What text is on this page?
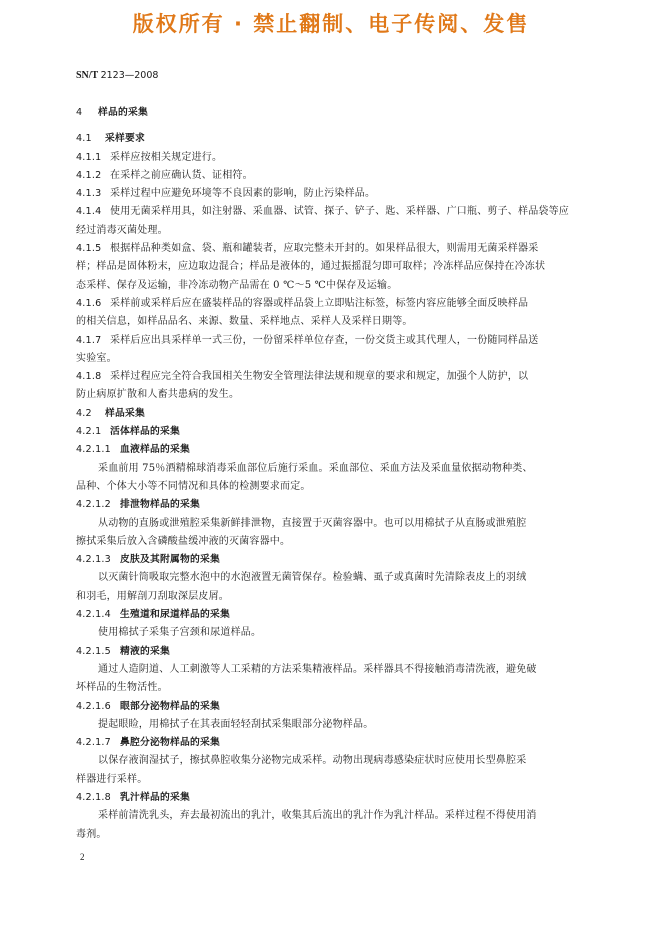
版权所有 · 禁止翻制、电子传阅、发售
SN/T 2123—2008
4 样品的采集
4.1 采样要求
4.1.1 采样应按相关规定进行。
4.1.2 在采样之前应确认货、证相符。
4.1.3 采样过程中应避免环境等不良因素的影响，防止污染样品。
4.1.4 使用无菌采样用具，如注射器、采血器、试管、探子、铲子、匙、采样器、广口瓶、剪子、样品袋等应
经过消毒灭菌处理。
4.1.5 根据样品种类如盒、袋、瓶和罐装者，应取完整未开封的。如果样品很大，则需用无菌采样器采
样；样品是固体粉末，应边取边混合；样品是液体的，通过振摇混匀即可取样；冷冻样品应保持在冷冻状
态采样、保存及运输，非冷冻动物产品需在 0 ℃～5 ℃中保存及运输。
4.1.6 采样前或采样后应在盛装样品的容器或样品袋上立即贴注标签，标签内容应能够全面反映样品
的相关信息，如样品品名、来源、数量、采样地点、采样人及采样日期等。
4.1.7 采样后应出具采样单一式三份，一份留采样单位存查，一份交货主或其代理人，一份随同样品送
实验室。
4.1.8 采样过程应完全符合我国相关生物安全管理法律法规和规章的要求和规定，加强个人防护，以
防止病原扩散和人畜共患病的发生。
4.2 样品采集
4.2.1 活体样品的采集
4.2.1.1 血液样品的采集
采血前用 75％酒精棉球消毒采血部位后施行采血。采血部位、采血方法及采血量依据动物种类、
品种、个体大小等不同情况和具体的检测要求而定。
4.2.1.2 排泄物样品的采集
从动物的直肠或泄殖腔采集新鲜排泄物，直接置于灭菌容器中。也可以用棉拭子从直肠或泄殖腔
擦拭采集后放入含磷酸盐缓冲液的灭菌容器中。
4.2.1.3 皮肤及其附属物的采集
以灭菌针筒吸取完整水泡中的水泡液置无菌管保存。检验螨、虱子或真菌时先清除表皮上的羽绒
和羽毛，用解剖刀刮取深层皮屑。
4.2.1.4 生殖道和尿道样品的采集
使用棉拭子采集子宫颈和尿道样品。
4.2.1.5 精液的采集
通过人造阴道、人工刺激等人工采精的方法采集精液样品。采样器具不得接触消毒清洗液，避免破
坏样品的生物活性。
4.2.1.6 眼部分泌物样品的采集
提起眼睑，用棉拭子在其表面轻轻刮拭采集眼部分泌物样品。
4.2.1.7 鼻腔分泌物样品的采集
以保存液润湿拭子，擦拭鼻腔收集分泌物完成采样。动物出现病毒感染症状时应使用长型鼻腔采
样器进行采样。
4.2.1.8 乳汁样品的采集
采样前清洗乳头，弃去最初流出的乳汁，收集其后流出的乳汁作为乳汁样品。采样过程不得使用消
毒剂。
2
